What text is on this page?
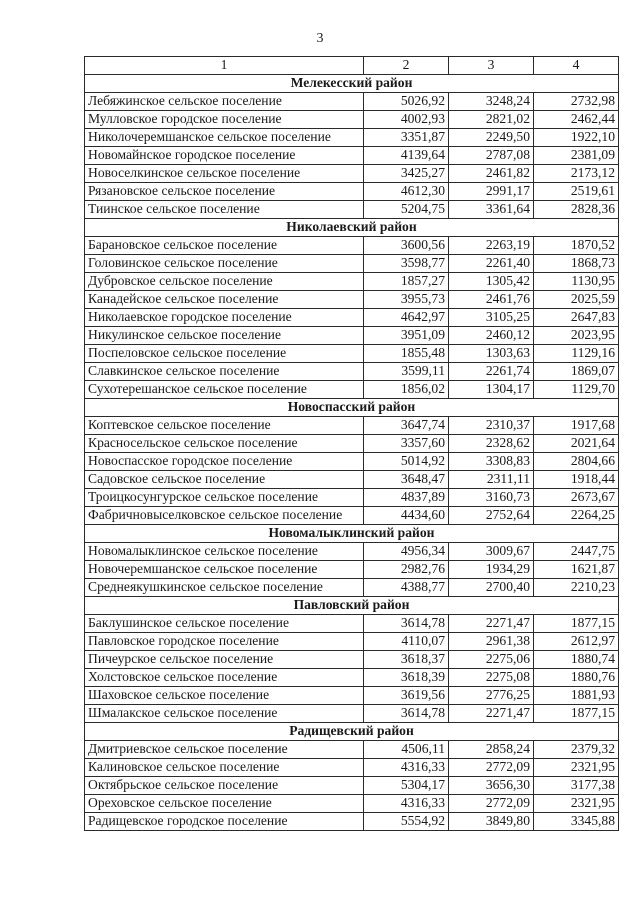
3
1	2	3	4
Мелекесский район			
Лебяжинское сельское поселение	5026,92	3248,24	2732,98
Мулловское городское поселение	4002,93	2821,02	2462,44
Николочеремшанское сельское поселение	3351,87	2249,50	1922,10
Новомайнское городское поселение	4139,64	2787,08	2381,09
Новоселкинское сельское поселение	3425,27	2461,82	2173,12
Рязановское сельское поселение	4612,30	2991,17	2519,61
Тиинское сельское поселение	5204,75	3361,64	2828,36
Николаевский район			
Барановское сельское поселение	3600,56	2263,19	1870,52
Головинское сельское поселение	3598,77	2261,40	1868,73
Дубровское сельское поселение	1857,27	1305,42	1130,95
Канадейское сельское поселение	3955,73	2461,76	2025,59
Николаевское городское поселение	4642,97	3105,25	2647,83
Никулинское сельское поселение	3951,09	2460,12	2023,95
Поспеловское сельское поселение	1855,48	1303,63	1129,16
Славкинское сельское поселение	3599,11	2261,74	1869,07
Сухотерешанское сельское поселение	1856,02	1304,17	1129,70
Новоспасский район			
Коптевское сельское поселение	3647,74	2310,37	1917,68
Красносельское сельское поселение	3357,60	2328,62	2021,64
Новоспасское городское поселение	5014,92	3308,83	2804,66
Садовское сельское поселение	3648,47	2311,11	1918,44
Троицкосунгурское сельское поселение	4837,89	3160,73	2673,67
Фабричновыселковское сельское поселение	4434,60	2752,64	2264,25
Новомалыклинский район			
Новомалыклинское сельское поселение	4956,34	3009,67	2447,75
Новочеремшанское сельское поселение	2982,76	1934,29	1621,87
Среднеякушкинское сельское поселение	4388,77	2700,40	2210,23
Павловский район			
Баклушинское сельское поселение	3614,78	2271,47	1877,15
Павловское городское поселение	4110,07	2961,38	2612,97
Пичеурское сельское поселение	3618,37	2275,06	1880,74
Холстовское сельское поселение	3618,39	2275,08	1880,76
Шаховское сельское поселение	3619,56	2776,25	1881,93
Шмалакское сельское поселение	3614,78	2271,47	1877,15
Радищевский район			
Дмитриевское сельское поселение	4506,11	2858,24	2379,32
Калиновское сельское поселение	4316,33	2772,09	2321,95
Октябрьское сельское поселение	5304,17	3656,30	3177,38
Ореховское сельское поселение	4316,33	2772,09	2321,95
Радищевское городское поселение	5554,92	3849,80	3345,88
